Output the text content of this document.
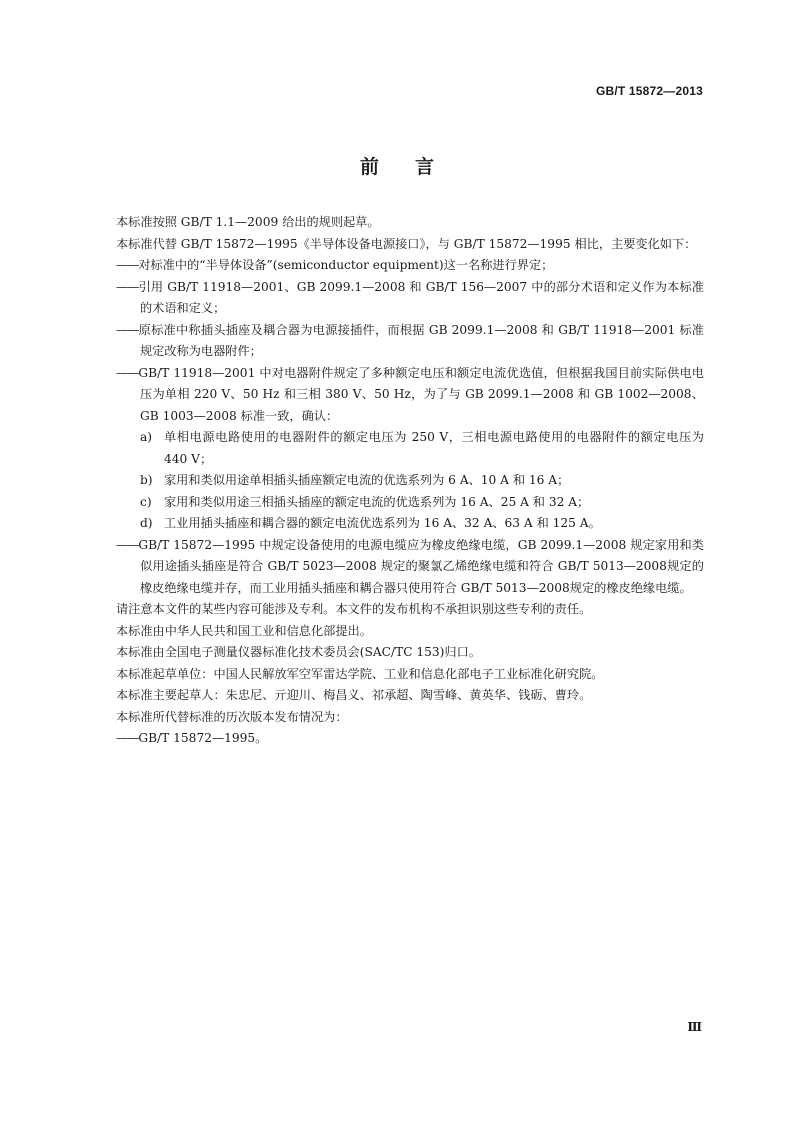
GB/T 15872—2013
前言

本标准按照 GB/T 1.1—2009 给出的规则起草。

本标准代替 GB/T 15872—1995《半导体设备电源接口》，与 GB/T 15872—1995 相比，主要变化如下：

——对标准中的“半导体设备”(semiconductor equipment)这一名称进行界定；

——引用 GB/T 11918—2001、GB 2099.1—2008 和 GB/T 156—2007 中的部分术语和定义作为本标准的术语和定义；

——原标准中称插头插座及耦合器为电源接插件，而根据 GB 2099.1—2008 和 GB/T 11918—2001 标准规定改称为电器附件；

——GB/T 11918—2001 中对电器附件规定了多种额定电压和额定电流优选值，但根据我国目前实际供电电压为单相 220 V、50 Hz 和三相 380 V、50 Hz，为了与 GB 2099.1—2008 和 GB 1002—2008、GB 1003—2008 标准一致，确认：

a) 单相电源电路使用的电器附件的额定电压为 250 V，三相电源电路使用的电器附件的额定电压为 440 V；

b) 家用和类似用途单相插头插座额定电流的优选系列为 6 A、10 A 和 16 A；

c) 家用和类似用途三相插头插座的额定电流的优选系列为 16 A、25 A 和 32 A；

d) 工业用插头插座和耦合器的额定电流优选系列为 16 A、32 A、63 A 和 125 A。

——GB/T 15872—1995 中规定设备使用的电源电缆应为橡皮绝缘电缆，GB 2099.1—2008 规定家用和类似用途插头插座是符合 GB/T 5023—2008 规定的聚氯乙烯绝缘电缆和符合 GB/T 5013—2008规定的橡皮绝缘电缆并存，而工业用插头插座和耦合器只使用符合 GB/T 5013—2008规定的橡皮绝缘电缆。

请注意本文件的某些内容可能涉及专利。本文件的发布机构不承担识别这些专利的责任。

本标准由中华人民共和国工业和信息化部提出。

本标准由全国电子测量仪器标准化技术委员会(SAC/TC 153)归口。

本标准起草单位：中国人民解放军空军雷达学院、工业和信息化部电子工业标准化研究院。

本标准主要起草人：朱忠尼、亓迎川、梅昌义、祁承超、陶雪峰、黄英华、钱砺、曹玲。

本标准所代替标准的历次版本发布情况为：

——GB/T 15872—1995。

Ⅲ
